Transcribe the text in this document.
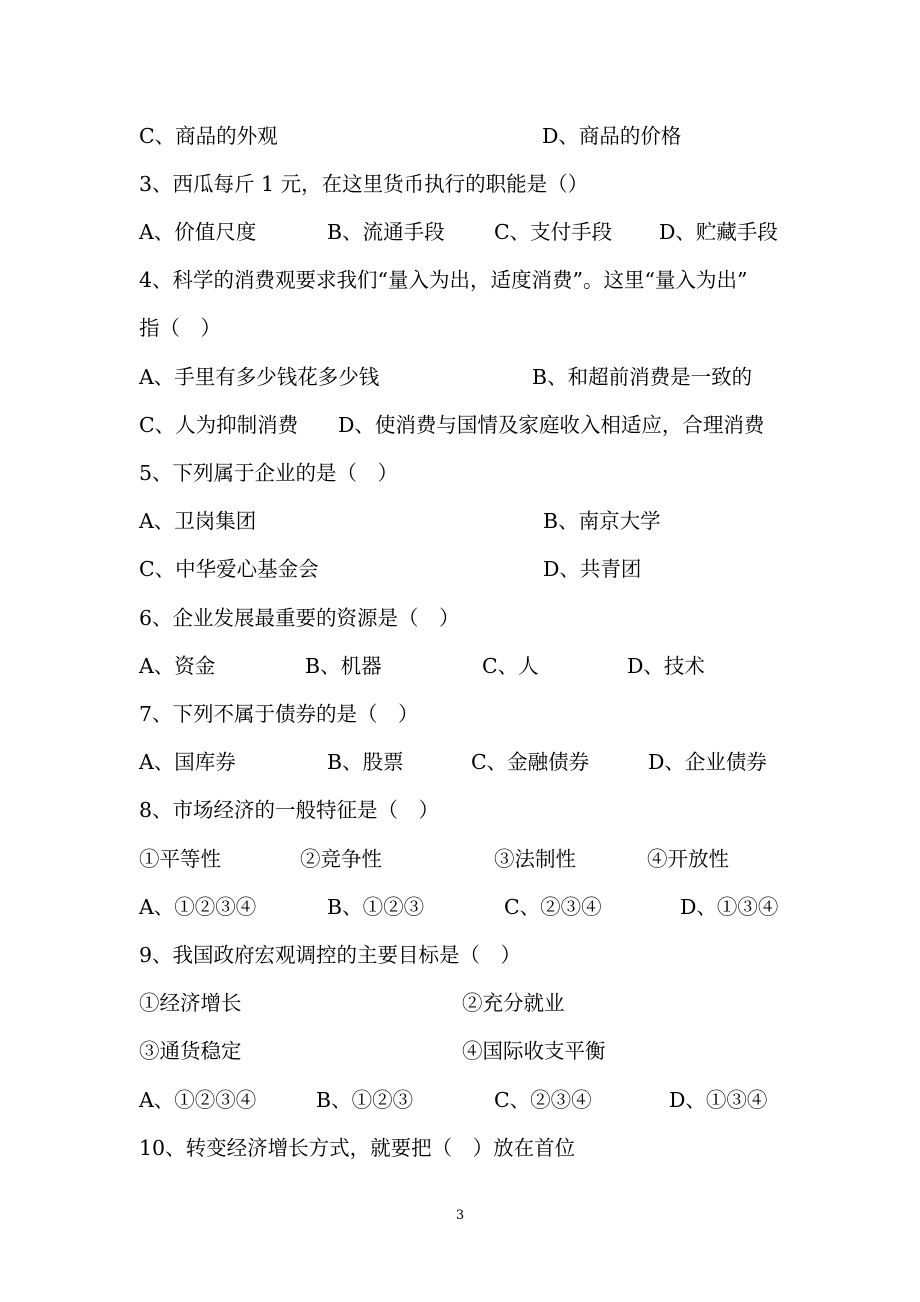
C、商品的外观	D、商品的价格
3、西瓜每斤 1 元，在这里货币执行的职能是（）
A、价值尺度	B、流通手段 C、支付手段 D、贮藏手段
4、科学的消费观要求我们“量入为出，适度消费”。这里“量入为出”
指（　）
A、手里有多少钱花多少钱	B、和超前消费是一致的
C、人为抑制消费 D、使消费与国情及家庭收入相适应，合理消费
5、下列属于企业的是（　）
A、卫岗集团	B、南京大学
C、中华爱心基金会	D、共青团
6、企业发展最重要的资源是（　）
A、资金	B、机器	C、人	D、技术
7、下列不属于债券的是（　）
A、国库券	B、股票	C、金融债券	D、企业债券
8、市场经济的一般特征是（　）
①平等性	②竞争性	③法制性	④开放性
A、①②③④	B、①②③	C、②③④	D、①③④
9、我国政府宏观调控的主要目标是（　）
①经济增长	②充分就业
③通货稳定	④国际收支平衡
A、①②③④	B、①②③	C、②③④	D、①③④
10、转变经济增长方式，就要把（　）放在首位
3
